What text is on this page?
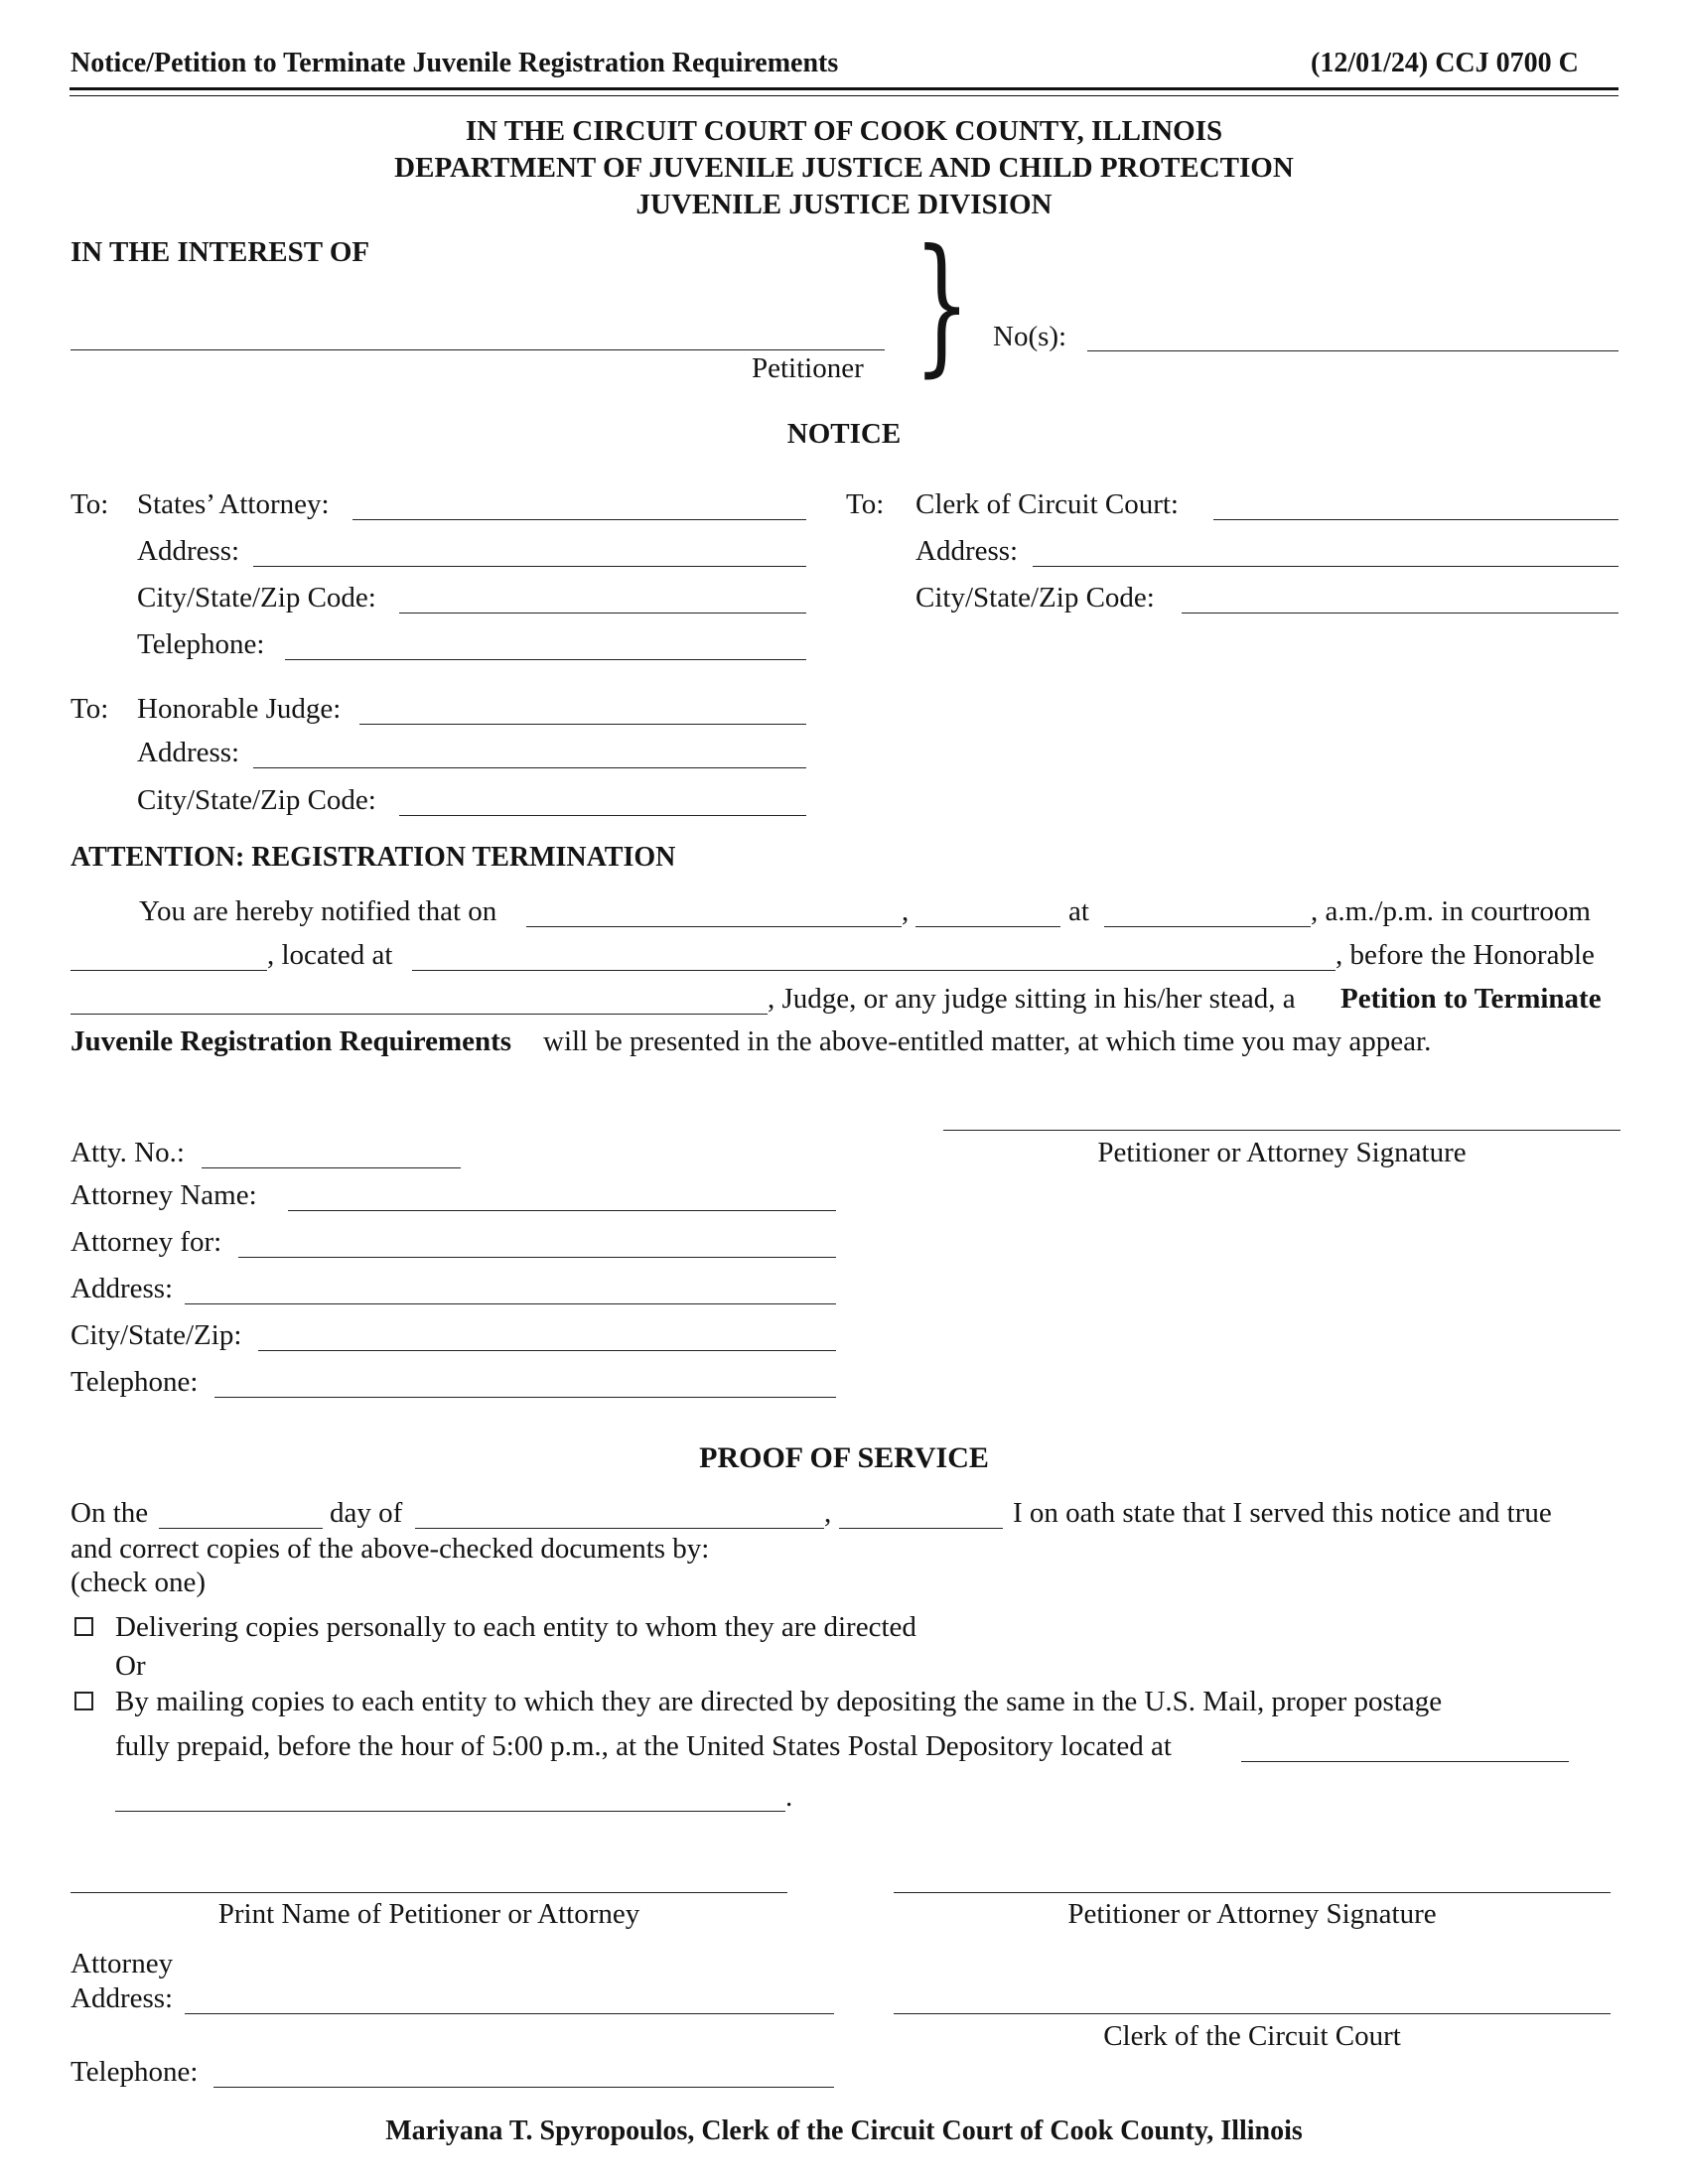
Notice/Petition to Terminate Juvenile Registration Requirements	(12/01/24) CCJ 0700 C
IN THE CIRCUIT COURT OF COOK COUNTY, ILLINOIS
DEPARTMENT OF JUVENILE JUSTICE AND CHILD PROTECTION
JUVENILE JUSTICE DIVISION
IN THE INTEREST OF
Petitioner } No(s):
NOTICE
To: States’ Attorney:
Address:
City/State/Zip Code:
Telephone:
To: Clerk of Circuit Court:
Address:
City/State/Zip Code:
To: Honorable Judge:
Address:
City/State/Zip Code:
ATTENTION: REGISTRATION TERMINATION
You are hereby notified that on	,	at	, a.m./p.m. in courtroom
, located at	, before the Honorable
, Judge, or any judge sitting in his/her stead, a Petition to Terminate
Juvenile Registration Requirements will be presented in the above-entitled matter, at which time you may appear.
Petitioner or Attorney Signature
Atty. No.:
Attorney Name:
Attorney for:
Address:
City/State/Zip:
Telephone:
PROOF OF SERVICE
On the	day of	,	I on oath state that I served this notice and true
and correct copies of the above-checked documents by:
(check one)
Delivering copies personally to each entity to whom they are directed
Or
By mailing copies to each entity to which they are directed by depositing the same in the U.S. Mail, proper postage
fully prepaid, before the hour of 5:00 p.m., at the United States Postal Depository located at
.
Print Name of Petitioner or Attorney	Petitioner or Attorney Signature
Attorney
Address:
Clerk of the Circuit Court
Telephone:
Mariyana T. Spyropoulos, Clerk of the Circuit Court of Cook County, Illinois
